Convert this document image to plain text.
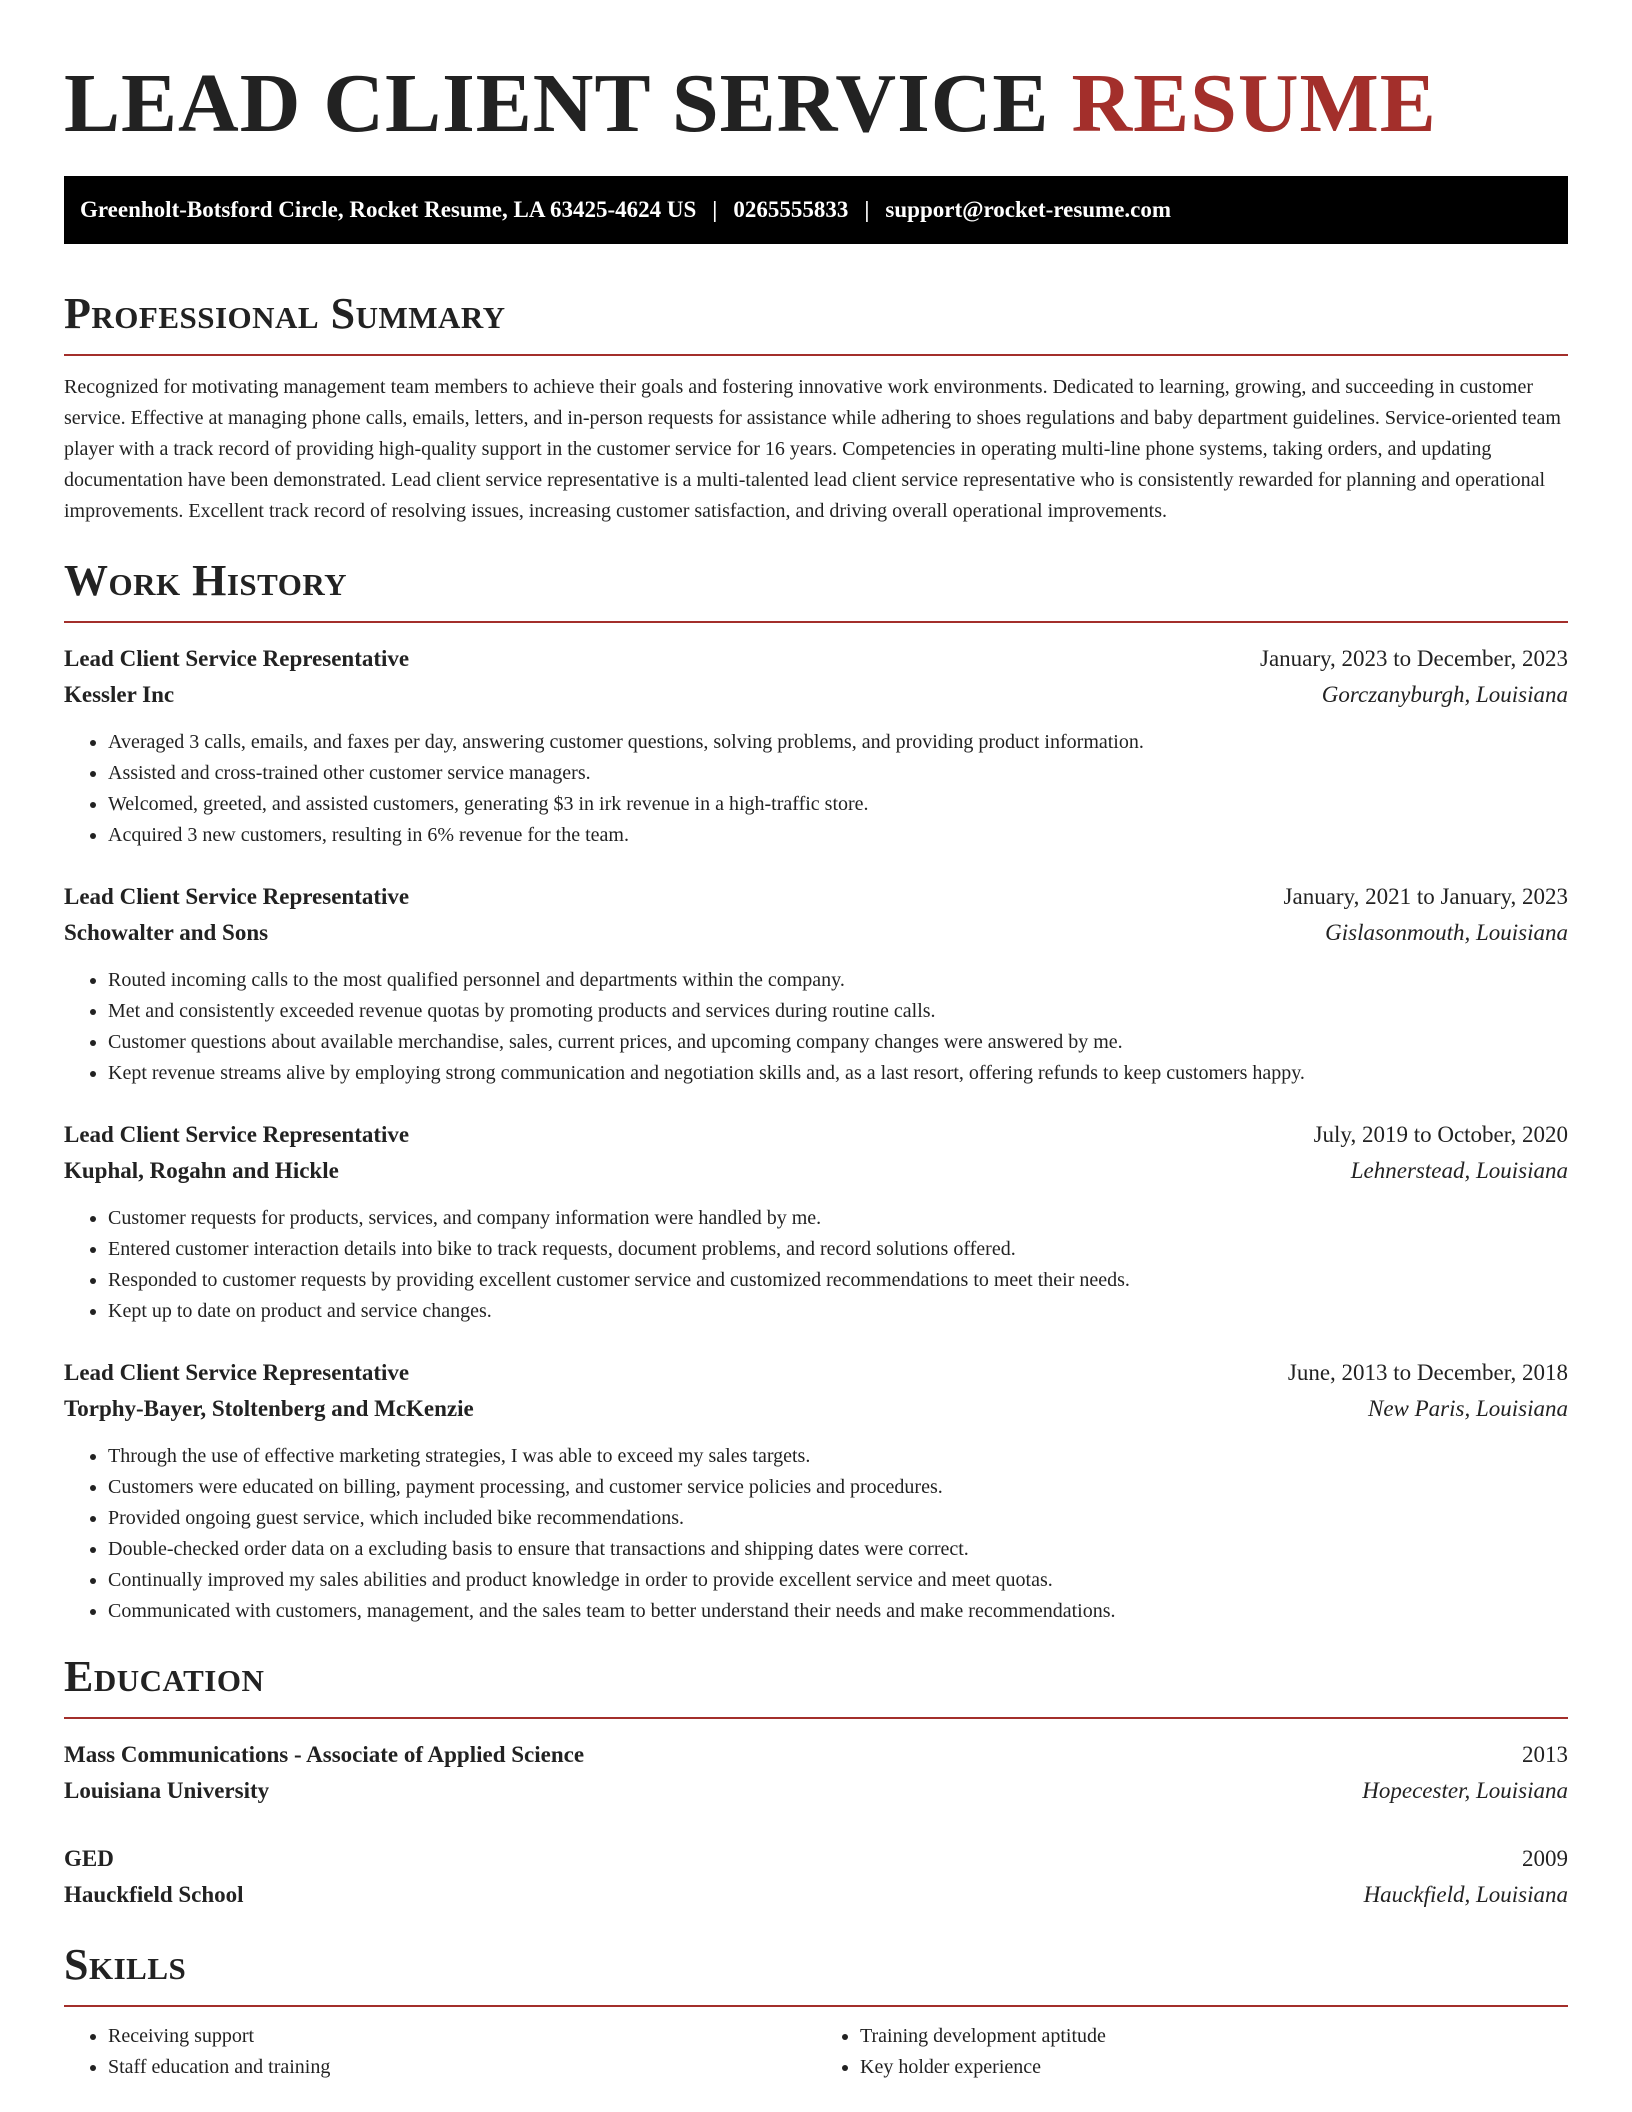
LEAD CLIENT SERVICE RESUME
Greenholt-Botsford Circle, Rocket Resume, LA 63425-4624 US | 0265555833 | support@rocket-resume.com
Professional Summary

Recognized for motivating management team members to achieve their goals and fostering innovative work environments. Dedicated to learning, growing, and succeeding in customer service. Effective at managing phone calls, emails, letters, and in-person requests for assistance while adhering to shoes regulations and baby department guidelines. Service-oriented team player with a track record of providing high-quality support in the customer service for 16 years. Competencies in operating multi-line phone systems, taking orders, and updating documentation have been demonstrated. Lead client service representative is a multi-talented lead client service representative who is consistently rewarded for planning and operational improvements. Excellent track record of resolving issues, increasing customer satisfaction, and driving overall operational improvements.

Work History
Lead Client Service Representative	January, 2023 to December, 2023
Kessler Inc	Gorczanyburgh, Louisiana
• Averaged 3 calls, emails, and faxes per day, answering customer questions, solving problems, and providing product information.
• Assisted and cross-trained other customer service managers.
• Welcomed, greeted, and assisted customers, generating $3 in irk revenue in a high-traffic store.
• Acquired 3 new customers, resulting in 6% revenue for the team.
Lead Client Service Representative	January, 2021 to January, 2023
Schowalter and Sons	Gislasonmouth, Louisiana
• Routed incoming calls to the most qualified personnel and departments within the company.
• Met and consistently exceeded revenue quotas by promoting products and services during routine calls.
• Customer questions about available merchandise, sales, current prices, and upcoming company changes were answered by me.
• Kept revenue streams alive by employing strong communication and negotiation skills and, as a last resort, offering refunds to keep customers happy.
Lead Client Service Representative	July, 2019 to October, 2020
Kuphal, Rogahn and Hickle	Lehnerstead, Louisiana
• Customer requests for products, services, and company information were handled by me.
• Entered customer interaction details into bike to track requests, document problems, and record solutions offered.
• Responded to customer requests by providing excellent customer service and customized recommendations to meet their needs.
• Kept up to date on product and service changes.
Lead Client Service Representative	June, 2013 to December, 2018
Torphy-Bayer, Stoltenberg and McKenzie	New Paris, Louisiana
• Through the use of effective marketing strategies, I was able to exceed my sales targets.
• Customers were educated on billing, payment processing, and customer service policies and procedures.
• Provided ongoing guest service, which included bike recommendations.
• Double-checked order data on a excluding basis to ensure that transactions and shipping dates were correct.
• Continually improved my sales abilities and product knowledge in order to provide excellent service and meet quotas.
• Communicated with customers, management, and the sales team to better understand their needs and make recommendations.
Education
Mass Communications - Associate of Applied Science	2013
Louisiana University	Hopecester, Louisiana
GED	2009
Hauckfield School	Hauckfield, Louisiana
Skills
• Receiving support
• Staff education and training
• Training development aptitude
• Key holder experience
